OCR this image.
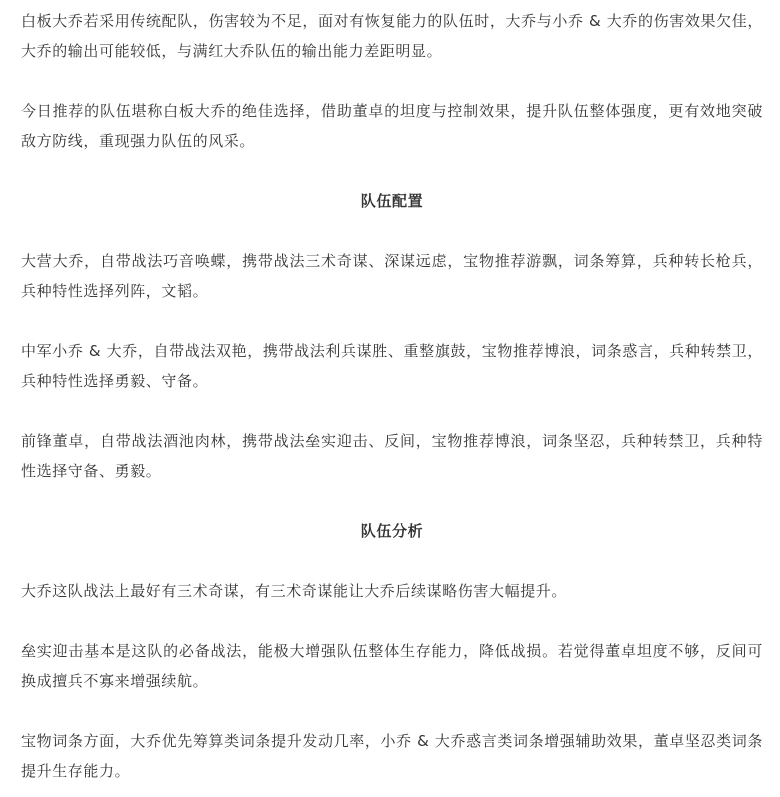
白板大乔若采用传统配队，伤害较为不足，面对有恢复能力的队伍时，大乔与小乔 & 大乔的伤害效果欠佳，大乔的输出可能较低，与满红大乔队伍的输出能力差距明显。

今日推荐的队伍堪称白板大乔的绝佳选择，借助董卓的坦度与控制效果，提升队伍整体强度，更有效地突破敌方防线，重现强力队伍的风采。

队伍配置

大营大乔，自带战法巧音唤蝶，携带战法三术奇谋、深谋远虑，宝物推荐游飘，词条筹算，兵种转长枪兵，兵种特性选择列阵，文韬。

中军小乔 & 大乔，自带战法双艳，携带战法利兵谋胜、重整旗鼓，宝物推荐博浪，词条惑言，兵种转禁卫，兵种特性选择勇毅、守备。

前锋董卓，自带战法酒池肉林，携带战法垒实迎击、反间，宝物推荐博浪，词条坚忍，兵种转禁卫，兵种特性选择守备、勇毅。

队伍分析

大乔这队战法上最好有三术奇谋，有三术奇谋能让大乔后续谋略伤害大幅提升。

垒实迎击基本是这队的必备战法，能极大增强队伍整体生存能力，降低战损。若觉得董卓坦度不够，反间可换成擅兵不寡来增强续航。

宝物词条方面，大乔优先筹算类词条提升发动几率，小乔 & 大乔惑言类词条增强辅助效果，董卓坚忍类词条提升生存能力。
